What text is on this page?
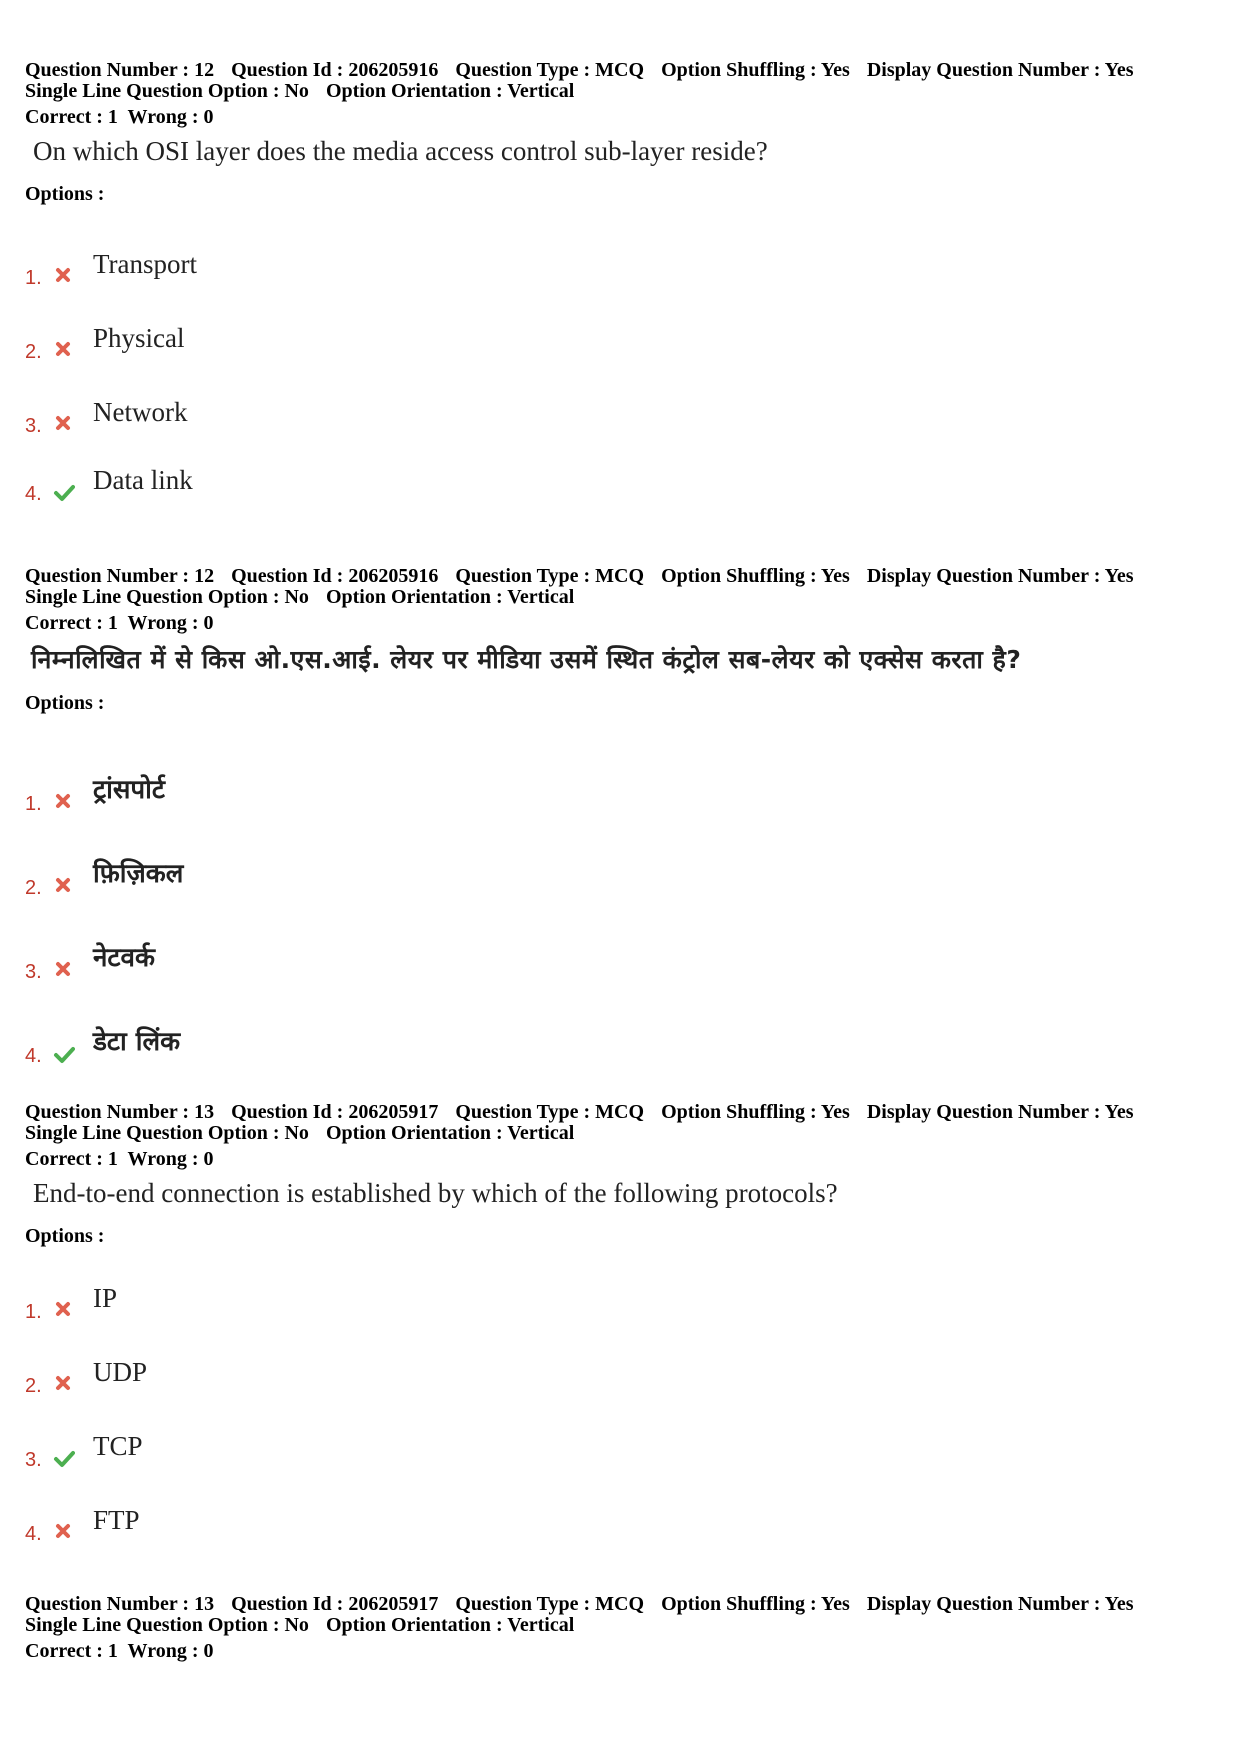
Question Number : 12 Question Id : 206205916 Question Type : MCQ Option Shuffling : Yes Display Question Number : Yes
Single Line Question Option : No Option Orientation : Vertical
Correct : 1  Wrong : 0
On which OSI layer does the media access control sub-layer reside?
Options :
1. Transport
2. Physical
3. Network
4. Data link
Question Number : 12 Question Id : 206205916 Question Type : MCQ Option Shuffling : Yes Display Question Number : Yes
Single Line Question Option : No Option Orientation : Vertical
Correct : 1  Wrong : 0
निम्नलिखित में से किस ओ.एस.आई. लेयर पर मीडिया उसमें स्थित कंट्रोल सब-लेयर को एक्सेस करता है?
Options :
1. ट्रांसपोर्ट
2. फ़िज़िकल
3. नेटवर्क
4. डेटा लिंक
Question Number : 13 Question Id : 206205917 Question Type : MCQ Option Shuffling : Yes Display Question Number : Yes
Single Line Question Option : No Option Orientation : Vertical
Correct : 1  Wrong : 0
End-to-end connection is established by which of the following protocols?
Options :
1. IP
2. UDP
3. TCP
4. FTP
Question Number : 13 Question Id : 206205917 Question Type : MCQ Option Shuffling : Yes Display Question Number : Yes
Single Line Question Option : No Option Orientation : Vertical
Correct : 1  Wrong : 0
